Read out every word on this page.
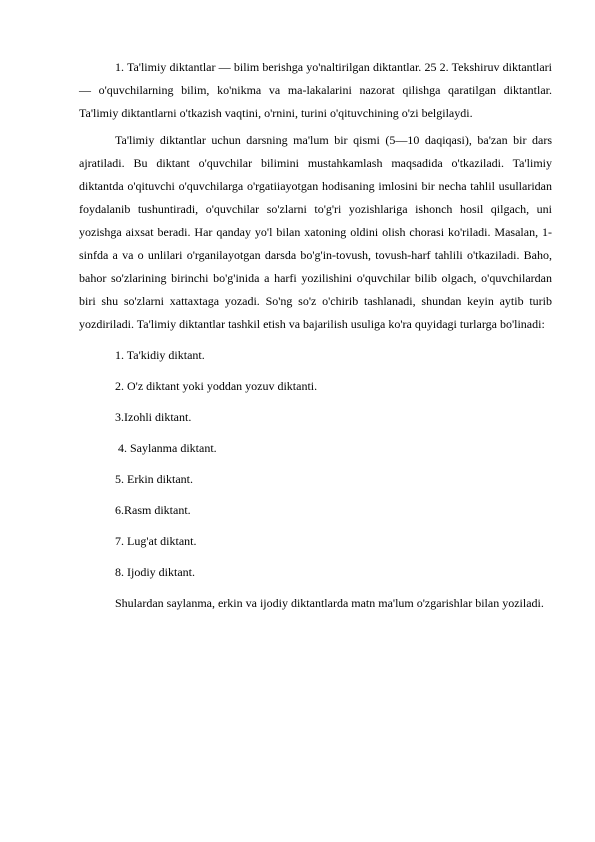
1. Ta'limiy diktantlar — bilim berishga yo'naltirilgan diktantlar. 25 2. Tekshiruv diktantlari — o'quvchilarning bilim, ko'nikma va ma-lakalarini nazorat qilishga qaratilgan diktantlar. Ta'limiy diktantlarni o'tkazish vaqtini, o'rnini, turini o'qituvchining o'zi belgilaydi.

Ta'limiy diktantlar uchun darsning ma'lum bir qismi (5—10 daqiqasi), ba'zan bir dars ajratiladi. Bu diktant o'quvchilar bilimini mustahkamlash maqsadida o'tkaziladi. Ta'limiy diktantda o'qituvchi o'quvchilarga o'rgatiiayotgan hodisaning imlosini bir necha tahlil usullaridan foydalanib tushuntiradi, o'quvchilar so'zlarni to'g'ri yozishlariga ishonch hosil qilgach, uni yozishga aixsat beradi. Har qanday yo'l bilan xatoning oldini olish chorasi ko'riladi. Masalan, 1- sinfda a va o unlilari o'rganilayotgan darsda bo'g'in-tovush, tovush-harf tahlili o'tkaziladi. Baho, bahor so'zlarining birinchi bo'g'inida a harfi yozilishini o'quvchilar bilib olgach, o'quvchilardan biri shu so'zlarni xattaxtaga yozadi. So'ng so'z o'chirib tashlanadi, shundan keyin aytib turib yozdiriladi. Ta'limiy diktantlar tashkil etish va bajarilish usuliga ko'ra quyidagi turlarga bo'linadi:

1. Ta'kidiy diktant.
2. O'z diktant yoki yoddan yozuv diktanti.
3.Izohli diktant.
4. Saylanma diktant.
5. Erkin diktant.
6.Rasm diktant.
7. Lug'at diktant.
8. Ijodiy diktant.

Shulardan saylanma, erkin va ijodiy diktantlarda matn ma'lum o'zgarishlar bilan yoziladi.
